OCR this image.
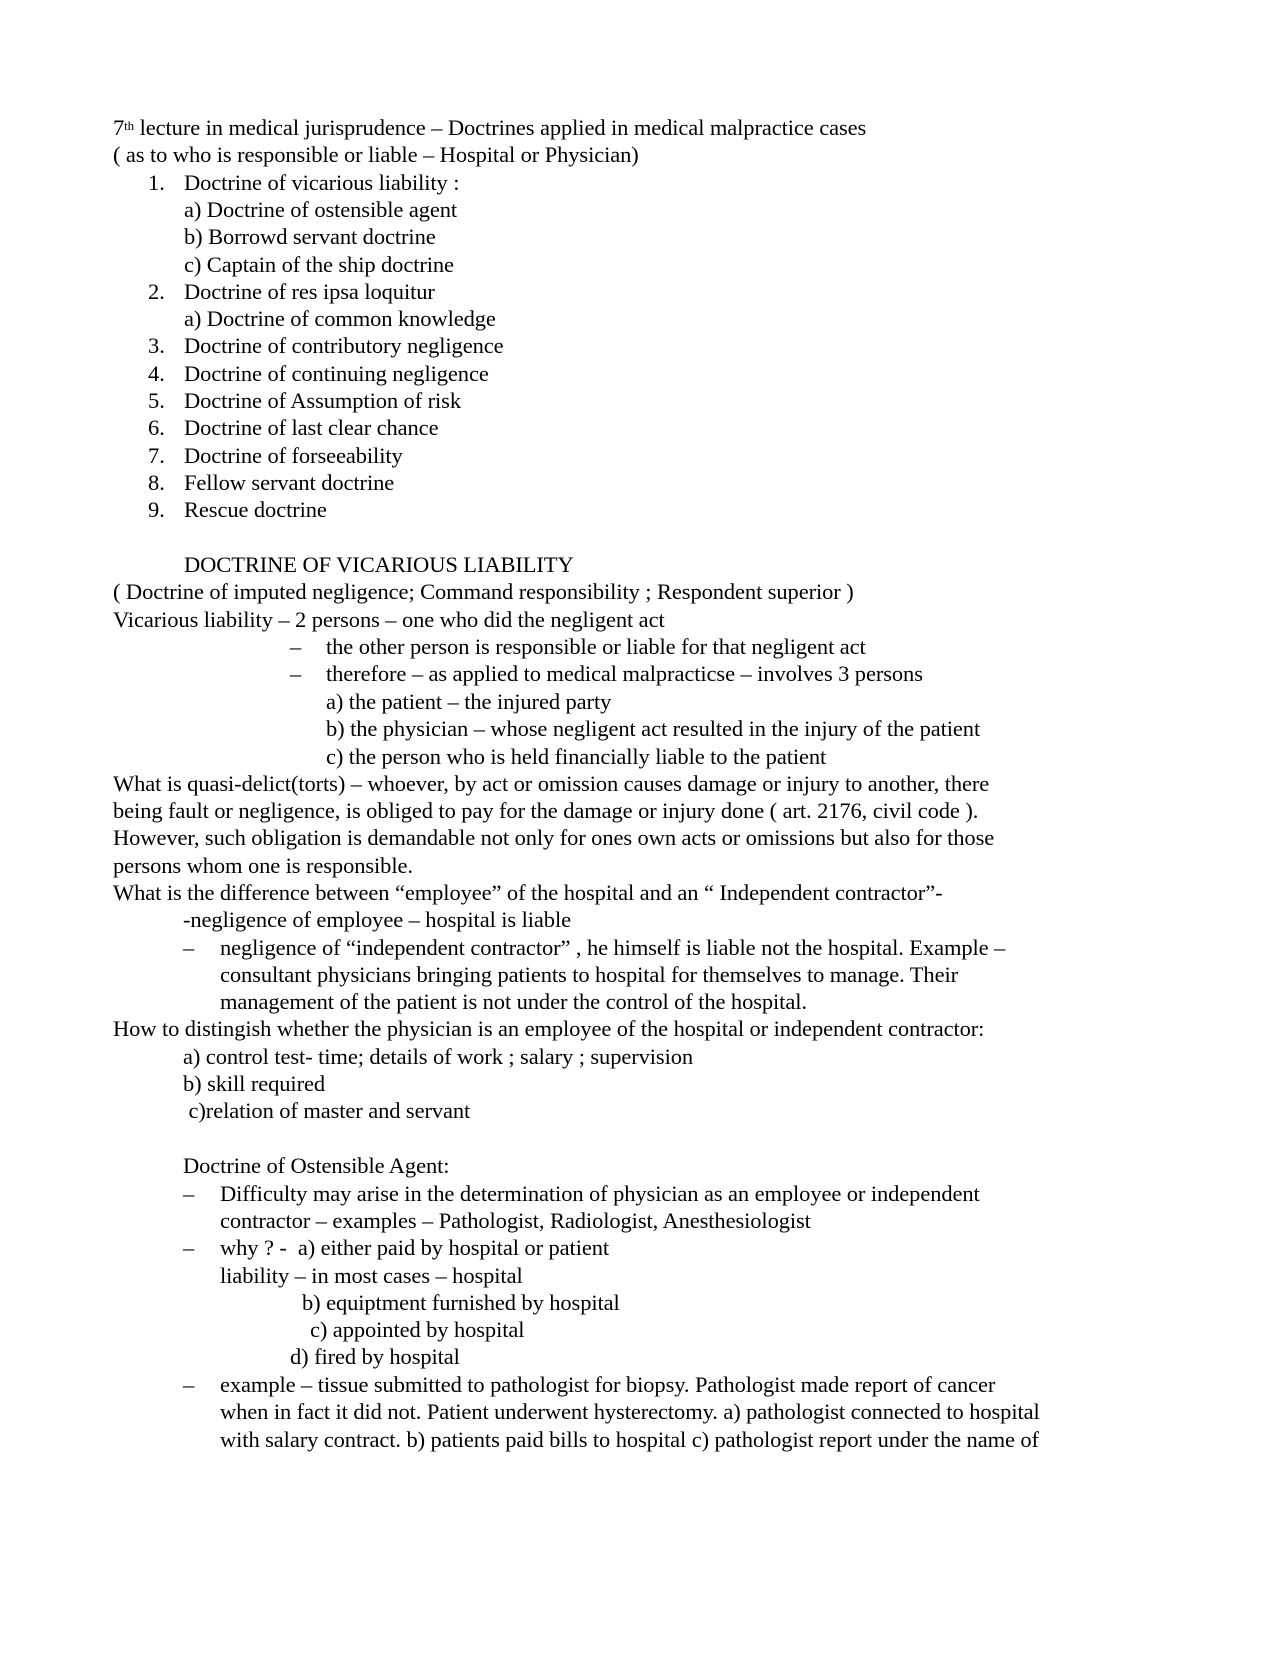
7th lecture in medical jurisprudence – Doctrines applied in medical malpractice cases
( as to who is responsible or liable – Hospital or Physician)
1. Doctrine of vicarious liability :
a) Doctrine of ostensible agent
b) Borrowd servant doctrine
c) Captain of the ship doctrine
2. Doctrine of res ipsa loquitur
a) Doctrine of common knowledge
3. Doctrine of contributory negligence
4. Doctrine of continuing negligence
5. Doctrine of Assumption of risk
6. Doctrine of last clear chance
7. Doctrine of forseeability
8. Fellow servant doctrine
9. Rescue doctrine
DOCTRINE OF VICARIOUS LIABILITY
( Doctrine of imputed negligence; Command responsibility ; Respondent superior )
Vicarious liability – 2 persons – one who did the negligent act
– the other person is responsible or liable for that negligent act
– therefore – as applied to medical malpracticse – involves 3 persons
a) the patient – the injured party
b) the physician – whose negligent act resulted in the injury of the patient
c) the person who is held financially liable to the patient
What is quasi-delict(torts) – whoever, by act or omission causes damage or injury to another, there
being fault or negligence, is obliged to pay for the damage or injury done ( art. 2176, civil code ).
However, such obligation is demandable not only for ones own acts or omissions but also for those
persons whom one is responsible.
What is the difference between “employee” of the hospital and an “ Independent contractor”-
-negligence of employee – hospital is liable
– negligence of “independent contractor” , he himself is liable not the hospital. Example –
consultant physicians bringing patients to hospital for themselves to manage. Their
management of the patient is not under the control of the hospital.
How to distingish whether the physician is an employee of the hospital or independent contractor:
a) control test- time; details of work ; salary ; supervision
b) skill required
c)relation of master and servant
Doctrine of Ostensible Agent:
– Difficulty may arise in the determination of physician as an employee or independent
contractor – examples – Pathologist, Radiologist, Anesthesiologist
– why ? -  a) either paid by hospital or patient
liability – in most cases – hospital
b) equiptment furnished by hospital
c) appointed by hospital
d) fired by hospital
– example – tissue submitted to pathologist for biopsy. Pathologist made report of cancer
when in fact it did not. Patient underwent hysterectomy. a) pathologist connected to hospital
with salary contract. b) patients paid bills to hospital c) pathologist report under the name of
